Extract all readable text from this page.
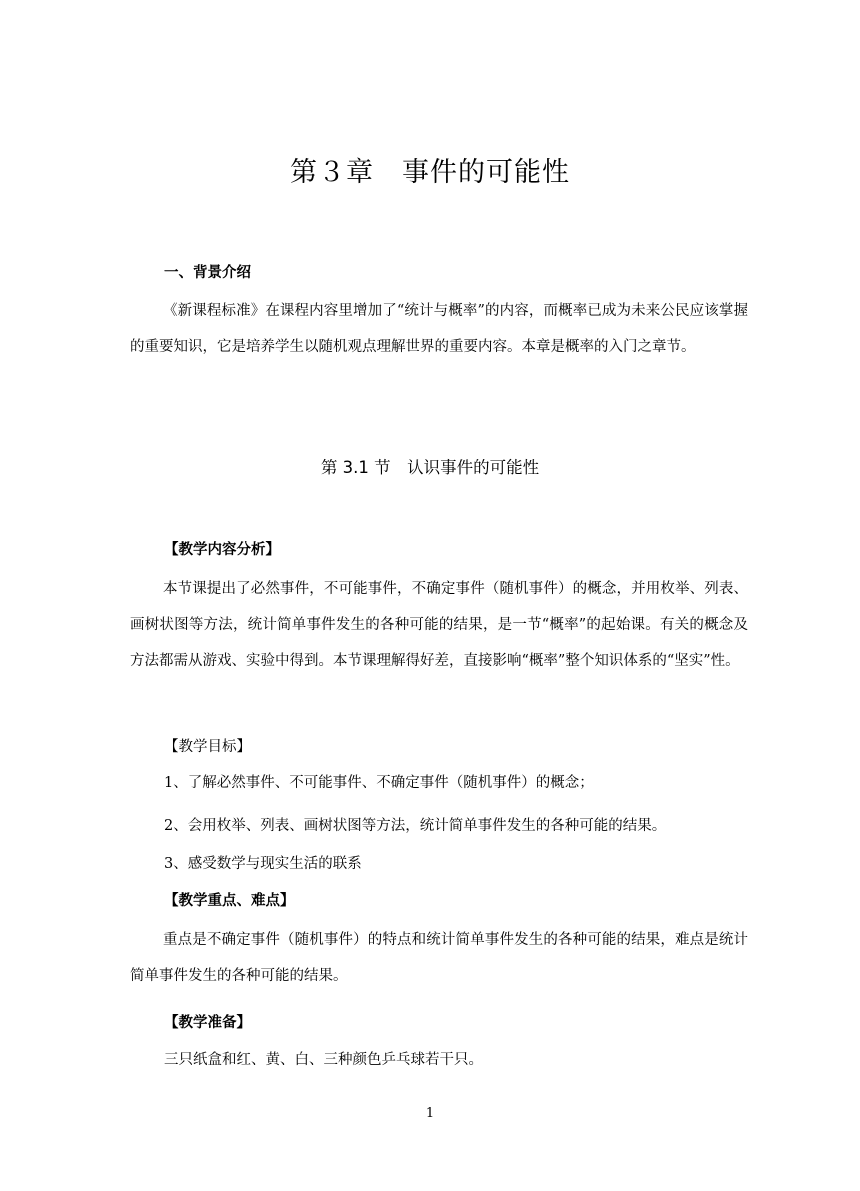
第３章　事件的可能性
一、背景介绍

《新课程标准》在课程内容里增加了“统计与概率”的内容，而概率已成为未来公民应该掌握的重要知识，它是培养学生以随机观点理解世界的重要内容。本章是概率的入门之章节。

第 3.1 节　认识事件的可能性
【教学内容分析】

本节课提出了必然事件，不可能事件，不确定事件（随机事件）的概念，并用枚举、列表、画树状图等方法，统计简单事件发生的各种可能的结果，是一节“概率”的起始课。有关的概念及方法都需从游戏、实验中得到。本节课理解得好差，直接影响“概率”整个知识体系的“坚实”性。

【教学目标】
1、了解必然事件、不可能事件、不确定事件（随机事件）的概念；
2、会用枚举、列表、画树状图等方法，统计简单事件发生的各种可能的结果。
3、感受数学与现实生活的联系
【教学重点、难点】

重点是不确定事件（随机事件）的特点和统计简单事件发生的各种可能的结果，难点是统计简单事件发生的各种可能的结果。

【教学准备】
三只纸盒和红、黄、白、三种颜色乒乓球若干只。
1
